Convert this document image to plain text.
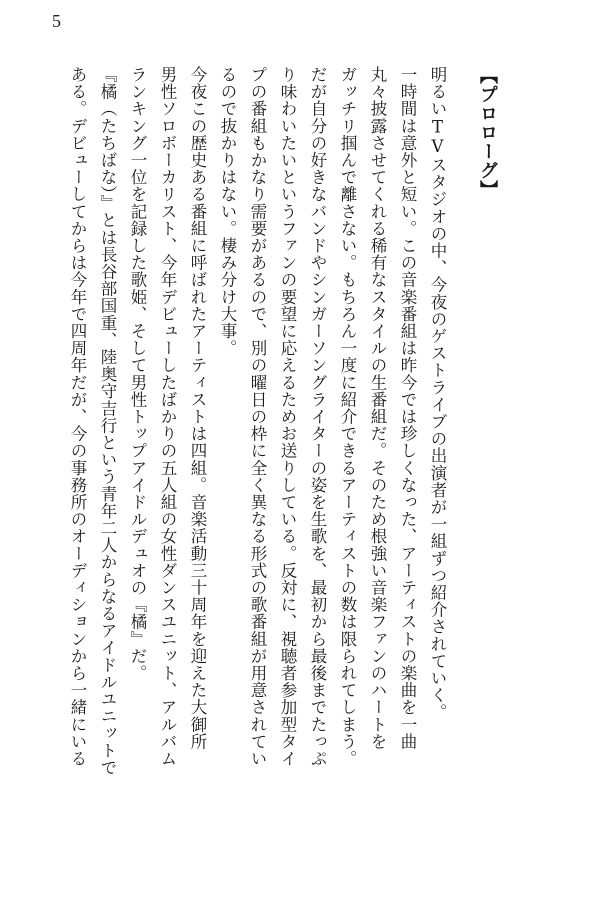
5
【プロローグ】
明るいTVスタジオの中、今夜のゲストライブの出演者が一組ずつ紹介されていく。
一時間は意外と短い。この音楽番組は昨今では珍しくなった、アーティストの楽曲を一曲
丸々披露させてくれる稀有なスタイルの生番組だ。そのため根強い音楽ファンのハートを
ガッチリ掴んで離さない。もちろん一度に紹介できるアーティストの数は限られてしまう。
だが自分の好きなバンドやシンガーソングライターの姿を生歌を、最初から最後までたっぷ
り味わいたいというファンの要望に応えるためお送りしている。反対に、視聴者参加型タイ
プの番組もかなり需要があるので、別の曜日の枠に全く異なる形式の歌番組が用意されてい
るので抜かりはない。棲み分け大事。
今夜この歴史ある番組に呼ばれたアーティストは四組。音楽活動三十周年を迎えた大御所
男性ソロボーカリスト、今年デビューしたばかりの五人組の女性ダンスユニット、アルバム
ランキング一位を記録した歌姫、そして男性トップアイドルデュオの『橘』だ。
『橘（たちばな）』とは長谷部国重、陸奥守吉行という青年二人からなるアイドルユニットで
ある。デビューしてからは今年で四周年だが、今の事務所のオーディションから一緒にいる
